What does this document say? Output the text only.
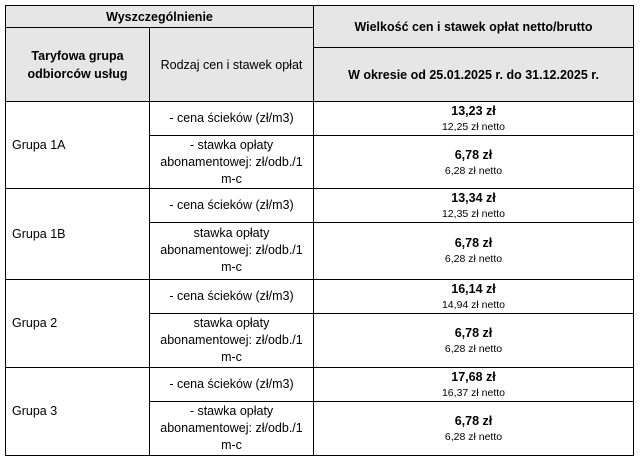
Wyszczególnienie		Wielkość cen i stawek opłat netto/brutto
Taryfowa grupa odbiorców usług	Rodzaj cen i stawek opłat	
		W okresie od 25.01.2025 r. do 31.12.2025 r.
Grupa 1A	- cena ścieków (zł/m3)	13,23 zł
12,25 zł netto

	- stawka opłaty abonamentowej: zł/odb./1 m-c	6,78 zł
6,28 zł netto

Grupa 1B	- cena ścieków (zł/m3)	13,34 zł
12,35 zł netto

	stawka opłaty abonamentowej: zł/odb./1 m-c	6,78 zł
6,28 zł netto

Grupa 2	- cena ścieków (zł/m3)	16,14 zł
14,94 zł netto

	stawka opłaty abonamentowej: zł/odb./1 m-c	6,78 zł
6,28 zł netto

Grupa 3	- cena ścieków (zł/m3)	17,68 zł
16,37 zł netto

	- stawka opłaty abonamentowej: zł/odb./1 m-c	6,78 zł
6,28 zł netto
